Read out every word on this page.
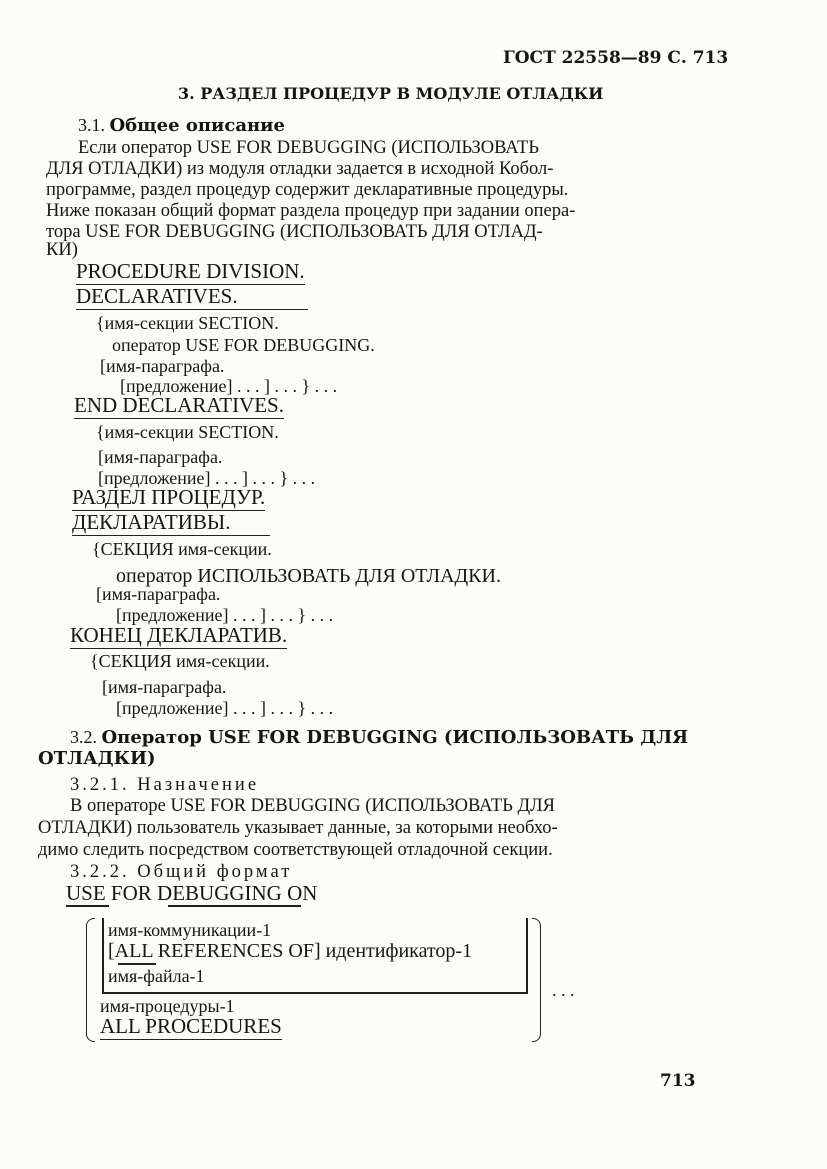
ГОСТ 22558—89 С. 713
3. РАЗДЕЛ ПРОЦЕДУР В МОДУЛЕ ОТЛАДКИ
3.1. Общее описание
Если оператор USE FOR DEBUGGING (ИСПОЛЬЗОВАТЬ
ДЛЯ ОТЛАДКИ) из модуля отладки задается в исходной Кобол-
программе, раздел процедур содержит декларативные процедуры.
Ниже показан общий формат раздела процедур при задании опера-
тора USE FOR DEBUGGING (ИСПОЛЬЗОВАТЬ ДЛЯ ОТЛАД-
КИ)
PROCEDURE DIVISION.
DECLARATIVES.
{имя-секции SECTION.
оператор USE FOR DEBUGGING.
[имя-параграфа.
[предложение] . . . ] . . . } . . .
END DECLARATIVES.
{имя-секции SECTION.
[имя-параграфа.
[предложение] . . . ] . . . } . . .
РАЗДЕЛ ПРОЦЕДУР.
ДЕКЛАРАТИВЫ.
{СЕКЦИЯ имя-секции.
оператор ИСПОЛЬЗОВАТЬ ДЛЯ ОТЛАДКИ.
[имя-параграфа.
[предложение] . . . ] . . . } . . .
КОНЕЦ ДЕКЛАРАТИВ.
{СЕКЦИЯ имя-секции.
[имя-параграфа.
[предложение] . . . ] . . . } . . .
3.2. Оператор USE FOR DEBUGGING (ИСПОЛЬЗОВАТЬ ДЛЯ
ОТЛАДКИ)
3.2.1. Назначение
В операторе USE FOR DEBUGGING (ИСПОЛЬЗОВАТЬ ДЛЯ
ОТЛАДКИ) пользователь указывает данные, за которыми необхо-
димо следить посредством соответствующей отладочной секции.
3.2.2. Общий формат
USE FOR DEBUGGING ON
имя-коммуникации-1
[ALL REFERENCES OF] идентификатор-1
имя-файла-1
. . .
имя-процедуры-1
ALL PROCEDURES
713
